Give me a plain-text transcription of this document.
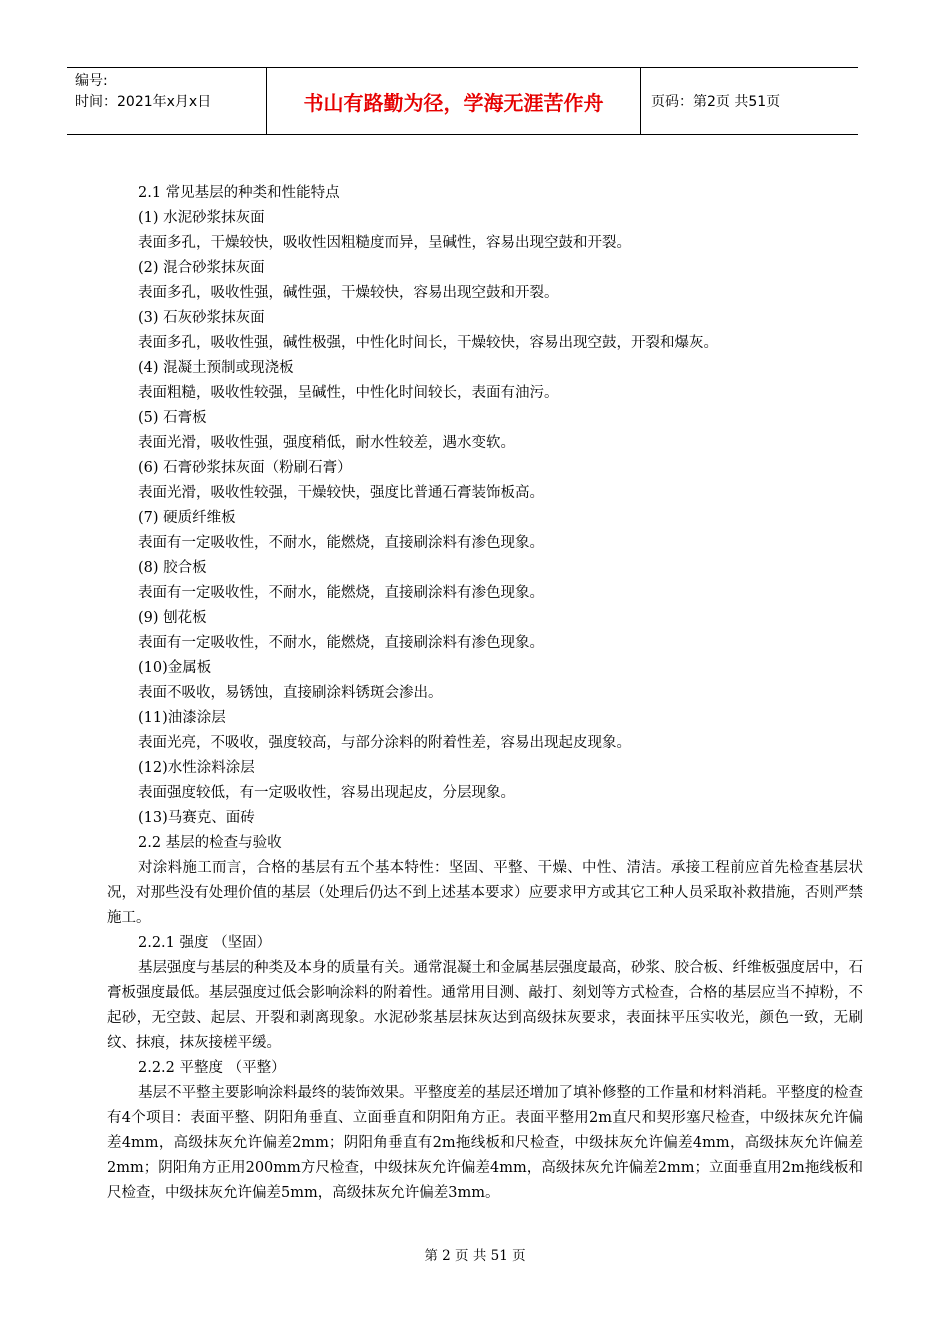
编号:
时间：2021年x月x日	书山有路勤为径，学海无涯苦作舟	页码：第2页 共51页

2.1 常见基层的种类和性能特点

(1) 水泥砂浆抹灰面

表面多孔，干燥较快，吸收性因粗糙度而异，呈碱性，容易出现空鼓和开裂。

(2) 混合砂浆抹灰面

表面多孔，吸收性强，碱性强，干燥较快，容易出现空鼓和开裂。

(3) 石灰砂浆抹灰面

表面多孔，吸收性强，碱性极强，中性化时间长，干燥较快，容易出现空鼓，开裂和爆灰。

(4) 混凝土预制或现浇板

表面粗糙，吸收性较强，呈碱性，中性化时间较长，表面有油污。

(5) 石膏板

表面光滑，吸收性强，强度稍低，耐水性较差，遇水变软。

(6) 石膏砂浆抹灰面（粉刷石膏）

表面光滑，吸收性较强，干燥较快，强度比普通石膏装饰板高。

(7) 硬质纤维板

表面有一定吸收性，不耐水，能燃烧，直接刷涂料有渗色现象。

(8) 胶合板

表面有一定吸收性，不耐水，能燃烧，直接刷涂料有渗色现象。

(9) 刨花板

表面有一定吸收性，不耐水，能燃烧，直接刷涂料有渗色现象。

(10)金属板

表面不吸收，易锈蚀，直接刷涂料锈斑会渗出。

(11)油漆涂层

表面光亮，不吸收，强度较高，与部分涂料的附着性差，容易出现起皮现象。

(12)水性涂料涂层

表面强度较低，有一定吸收性，容易出现起皮，分层现象。

(13)马赛克、面砖

2.2 基层的检查与验收

对涂料施工而言，合格的基层有五个基本特性：坚固、平整、干燥、中性、清洁。承接工程前应首先检查基层状况，对那些没有处理价值的基层（处理后仍达不到上述基本要求）应要求甲方或其它工种人员采取补救措施，否则严禁施工。

2.2.1 强度 （坚固）

基层强度与基层的种类及本身的质量有关。通常混凝土和金属基层强度最高，砂浆、胶合板、纤维板强度居中，石膏板强度最低。基层强度过低会影响涂料的附着性。通常用目测、敲打、刻划等方式检查，合格的基层应当不掉粉，不起砂，无空鼓、起层、开裂和剥离现象。水泥砂浆基层抹灰达到高级抹灰要求，表面抹平压实收光，颜色一致，无刷纹、抹痕，抹灰接槎平缓。

2.2.2 平整度 （平整）

基层不平整主要影响涂料最终的装饰效果。平整度差的基层还增加了填补修整的工作量和材料消耗。平整度的检查有4个项目：表面平整、阴阳角垂直、立面垂直和阴阳角方正。表面平整用2m直尺和契形塞尺检查，中级抹灰允许偏差4mm，高级抹灰允许偏差2mm；阴阳角垂直有2m拖线板和尺检查，中级抹灰允许偏差4mm，高级抹灰允许偏差2mm；阴阳角方正用200mm方尺检查，中级抹灰允许偏差4mm，高级抹灰允许偏差2mm；立面垂直用2m拖线板和尺检查，中级抹灰允许偏差5mm，高级抹灰允许偏差3mm。

第 2 页 共 51 页
